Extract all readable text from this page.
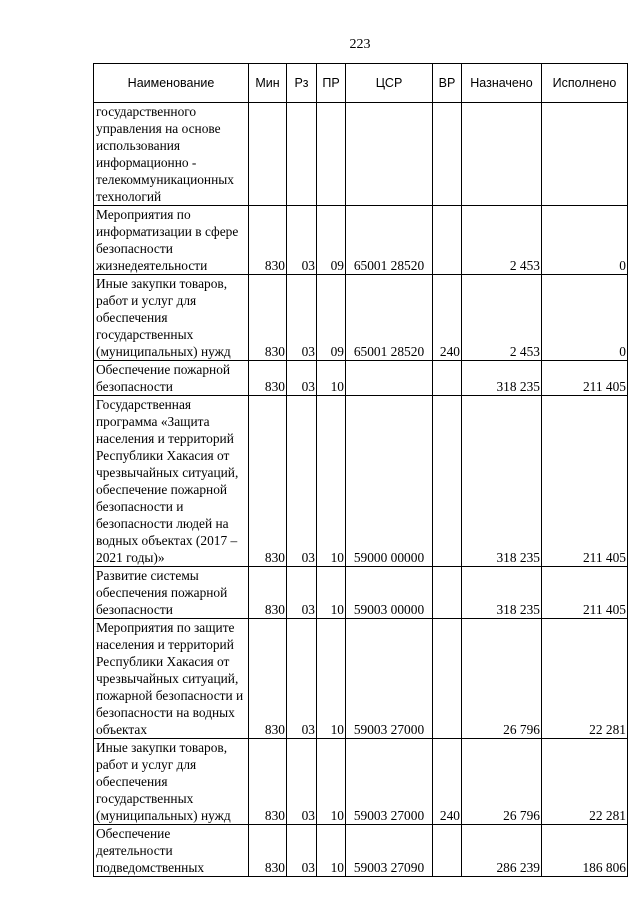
223
Наименование	Мин	Рз	ПР	ЦСР	ВР	Назначено	Исполнено
государственного управления на основе использования информационно - телекоммуникационных технологий							
Мероприятия по информатизации в сфере безопасности жизнедеятельности	830	03	09	65001 28520		2 453	0
Иные закупки товаров, работ и услуг для обеспечения государственных (муниципальных) нужд	830	03	09	65001 28520	240	2 453	0
Обеспечение пожарной безопасности	830	03	10			318 235	211 405
Государственная программа «Защита населения и территорий Республики Хакасия от чрезвычайных ситуаций, обеспечение пожарной безопасности и безопасности людей на водных объектах (2017 – 2021 годы)»	830	03	10	59000 00000		318 235	211 405
Развитие системы обеспечения пожарной безопасности	830	03	10	59003 00000		318 235	211 405
Мероприятия по защите населения и территорий Республики Хакасия от чрезвычайных ситуаций, пожарной безопасности и безопасности на водных объектах	830	03	10	59003 27000		26 796	22 281
Иные закупки товаров, работ и услуг для обеспечения государственных (муниципальных) нужд	830	03	10	59003 27000	240	26 796	22 281
Обеспечение деятельности подведомственных	830	03	10	59003 27090		286 239	186 806
